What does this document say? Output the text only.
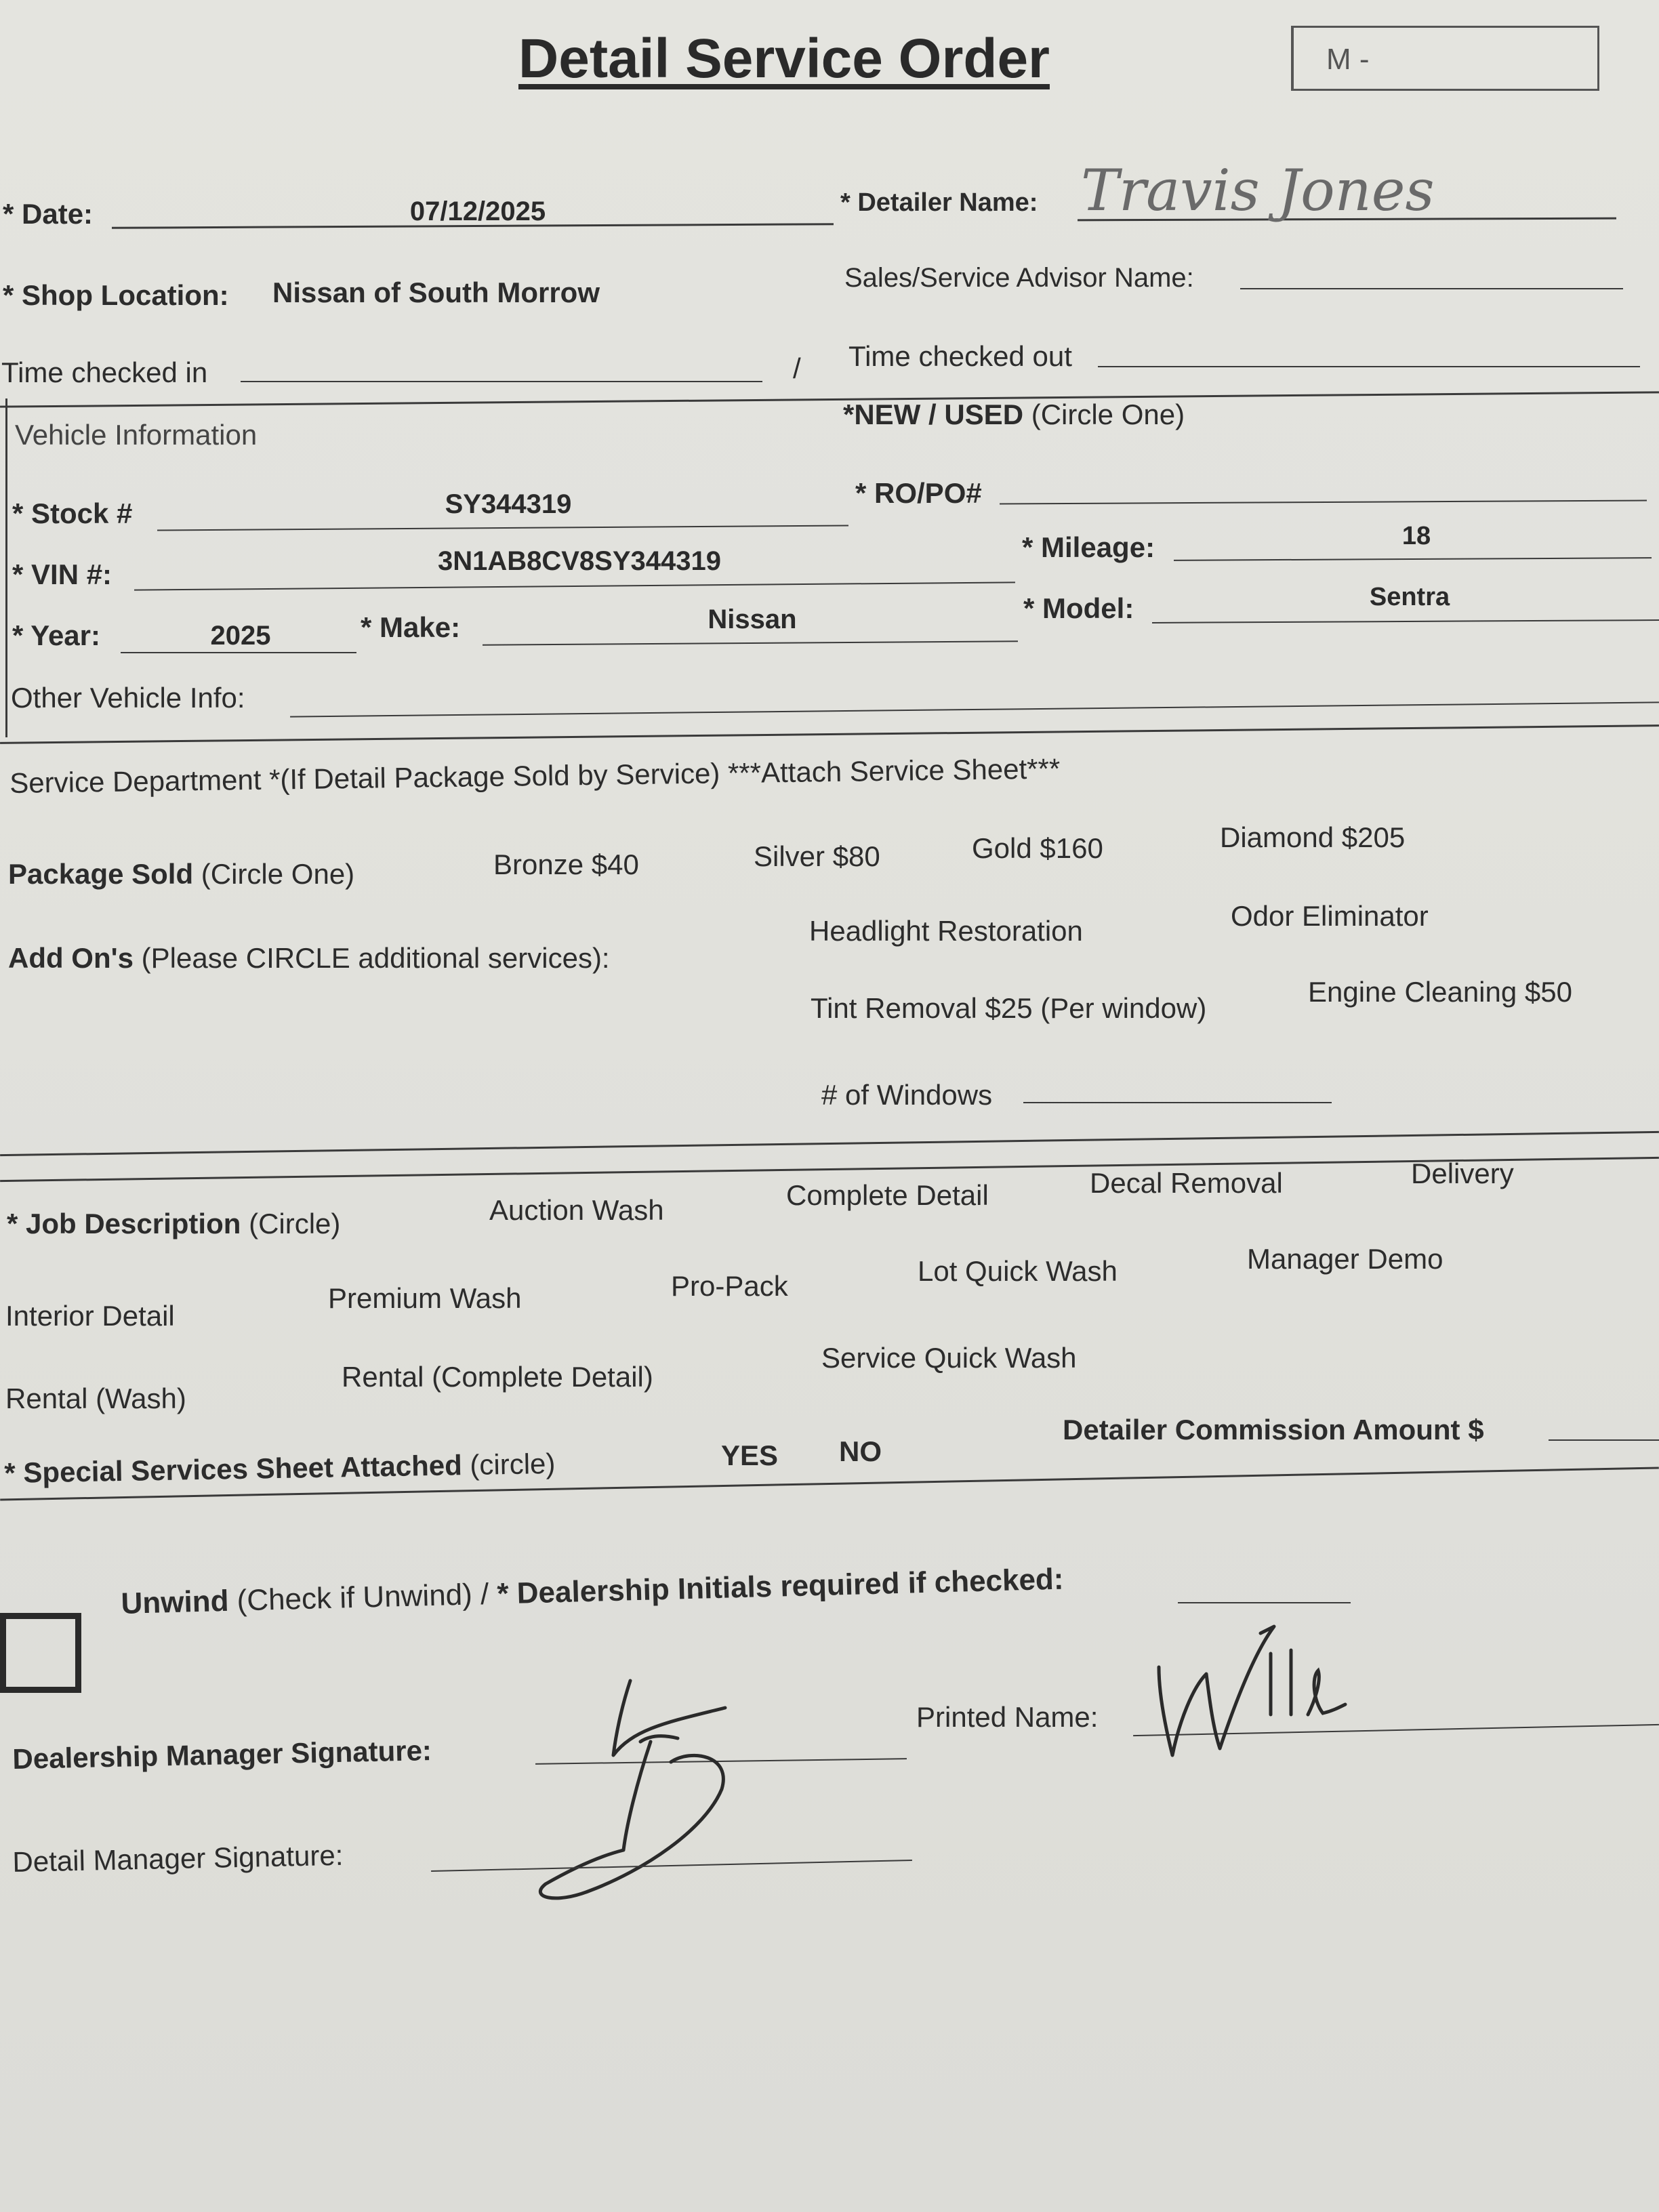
Detail Service Order	M -
* Date:	07/12/2025	* Detailer Name: Travis Jones
* Shop Location: Nissan of South Morrow	Sales/Service Advisor Name:
Time checked in	/ Time checked out
Vehicle Information
*NEW / USED (Circle One)
* Stock #	SY344319	* RO/PO#
* VIN #:	3N1AB8CV8SY344319	* Mileage:	18
* Year:	2025	* Make:	Nissan	* Model:	Sentra
Other Vehicle Info:
Service Department *(If Detail Package Sold by Service) ***Attach Service Sheet***
Package Sold (Circle One)	Bronze $40	Silver $80	Gold $160	Diamond $205
Add On's (Please CIRCLE additional services):
Headlight Restoration	Odor Eliminator
Tint Removal $25 (Per window)
Engine Cleaning $50
# of Windows
* Job Description (Circle)	Auction Wash	Complete Detail	Decal Removal	Delivery
Interior Detail
Premium Wash	Pro-Pack	Lot Quick Wash	Manager Demo
Rental (Wash)
Rental (Complete Detail)
Service Quick Wash
Detailer Commission Amount $
* Special Services Sheet Attached (circle)	YES NO
Unwind (Check if Unwind) / * Dealership Initials required if checked:
Dealership Manager Signature:
Printed Name:
Detail Manager Signature:
